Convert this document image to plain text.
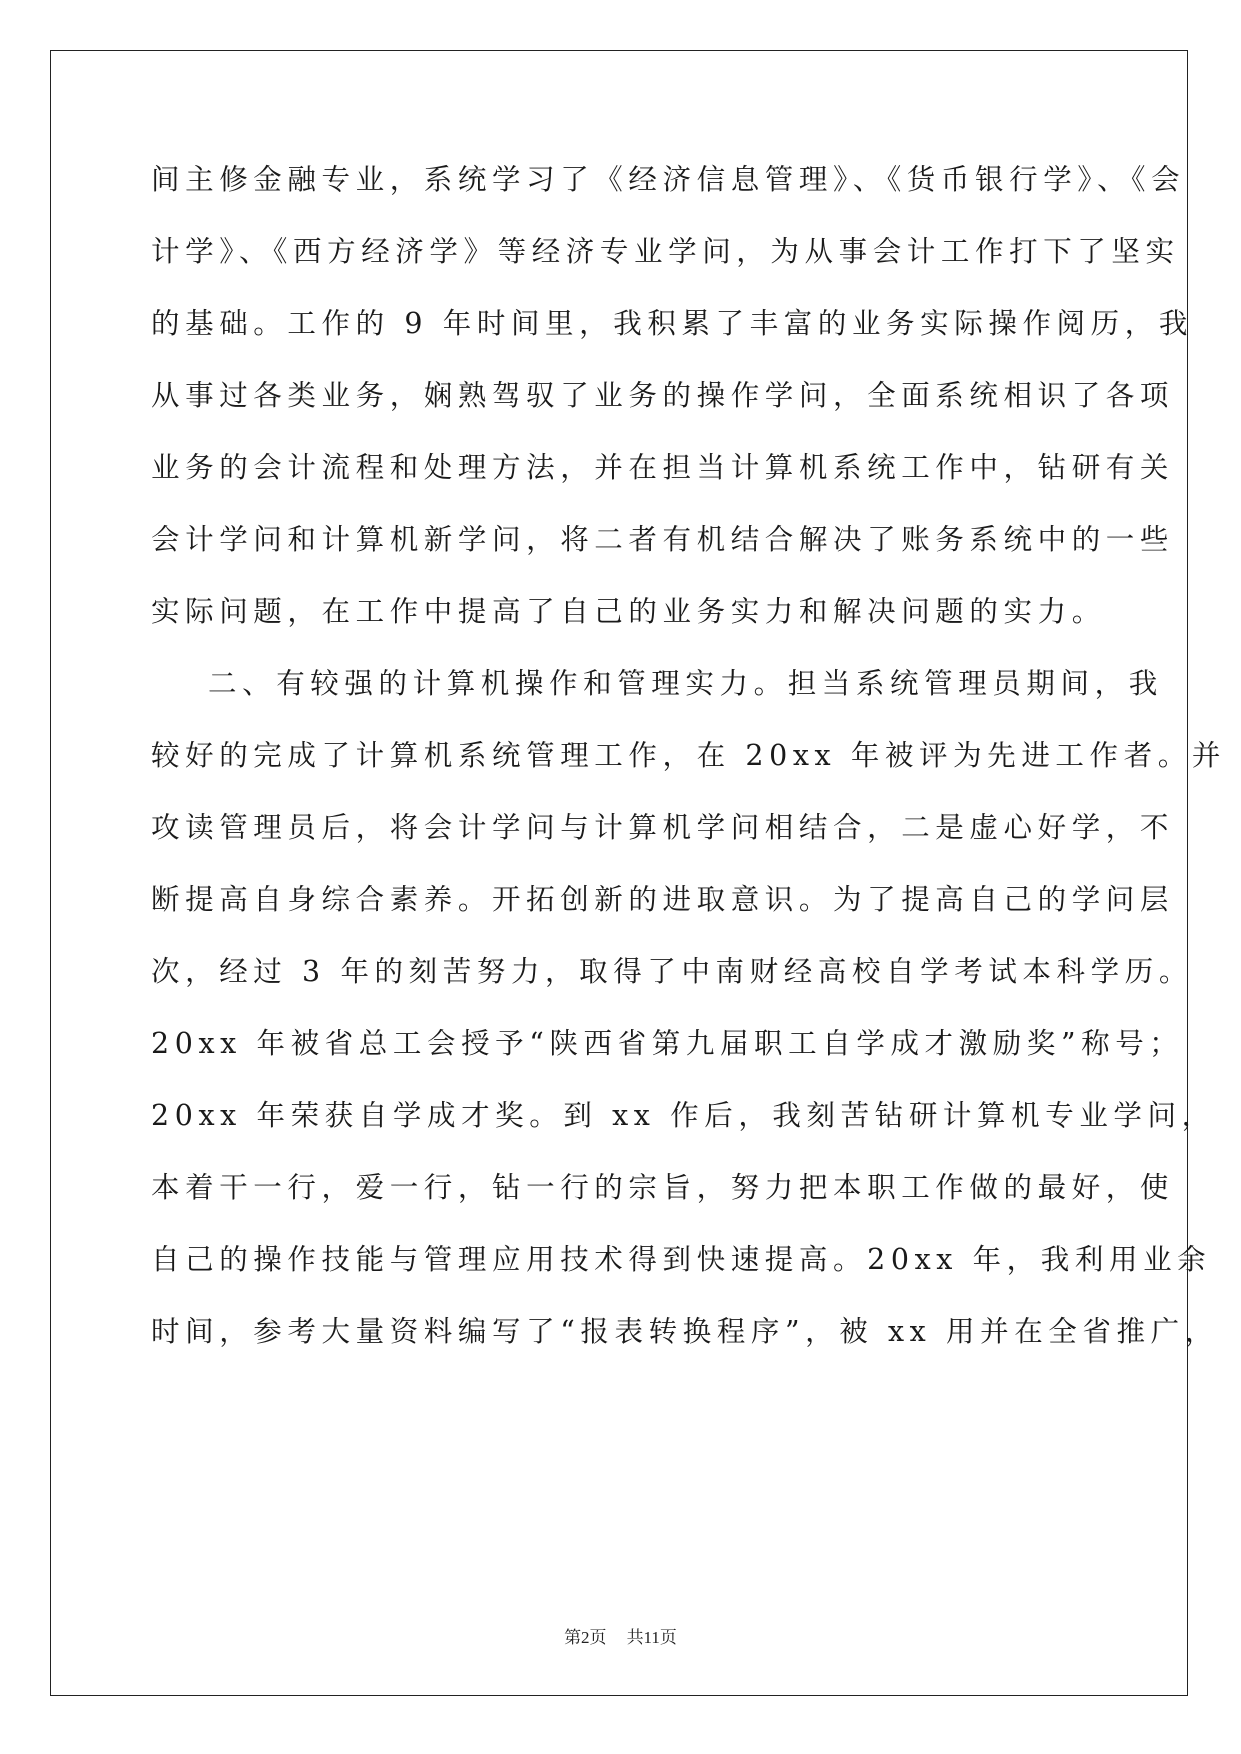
间主修金融专业，系统学习了《经济信息管理》、《货币银行学》、《会
计学》、《西方经济学》等经济专业学问，为从事会计工作打下了坚实
的基础。工作的 9 年时间里，我积累了丰富的业务实际操作阅历，我
从事过各类业务，娴熟驾驭了业务的操作学问，全面系统相识了各项
业务的会计流程和处理方法，并在担当计算机系统工作中，钻研有关
会计学问和计算机新学问，将二者有机结合解决了账务系统中的一些
实际问题，在工作中提高了自己的业务实力和解决问题的实力。
二、有较强的计算机操作和管理实力。担当系统管理员期间，我
较好的完成了计算机系统管理工作，在 20xx 年被评为先进工作者。并
攻读管理员后，将会计学问与计算机学问相结合，二是虚心好学，不
断提高自身综合素养。开拓创新的进取意识。为了提高自己的学问层
次，经过 3 年的刻苦努力，取得了中南财经高校自学考试本科学历。
20xx 年被省总工会授予“陕西省第九届职工自学成才激励奖”称号；
20xx 年荣获自学成才奖。到 xx 作后，我刻苦钻研计算机专业学问，
本着干一行，爱一行，钻一行的宗旨，努力把本职工作做的最好，使
自己的操作技能与管理应用技术得到快速提高。20xx 年，我利用业余
时间，参考大量资料编写了“报表转换程序”，被 xx 用并在全省推广，
第2页 共11页
